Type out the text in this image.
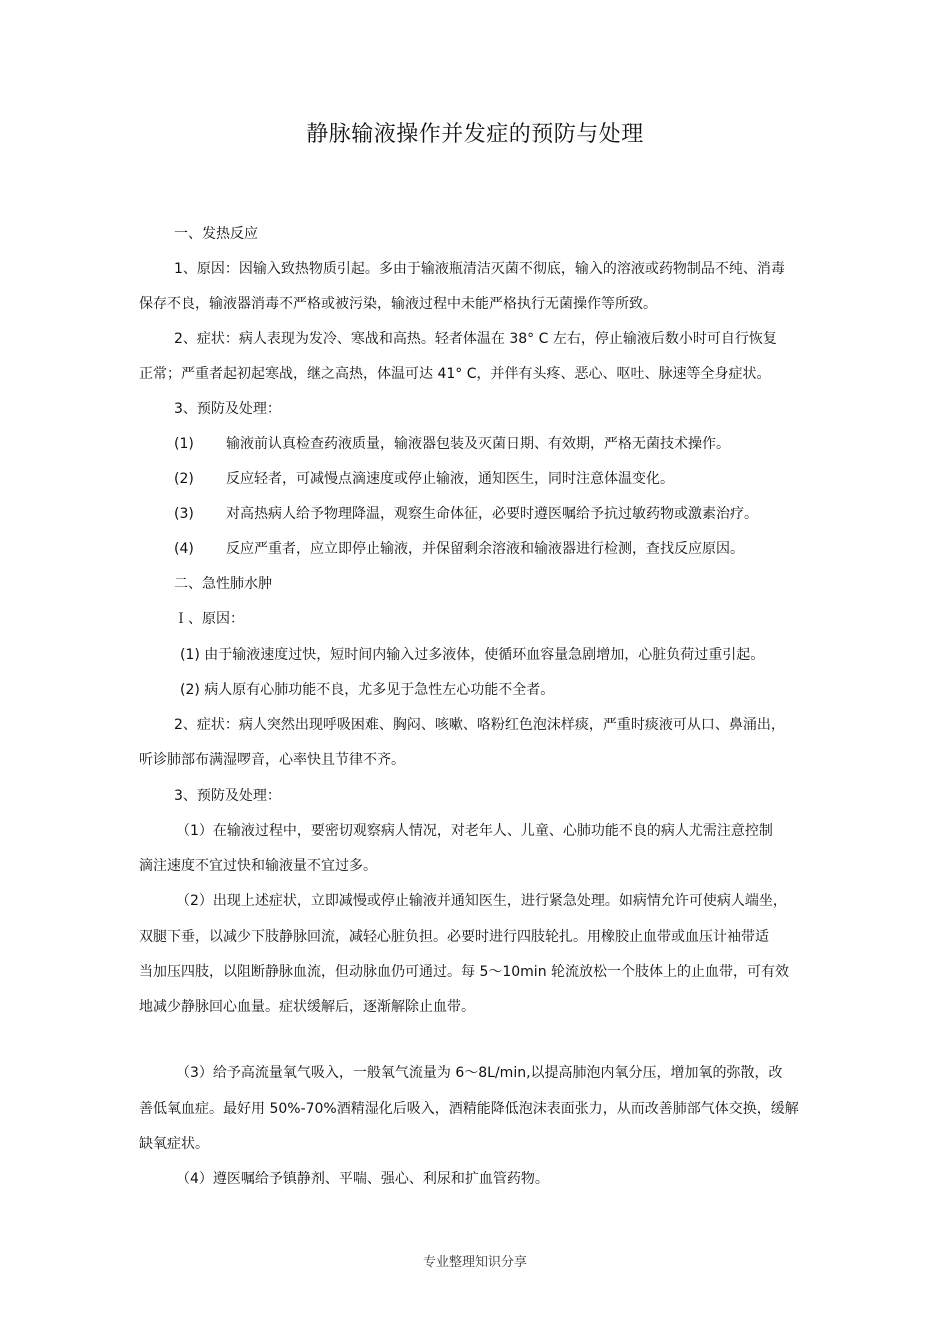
静脉输液操作并发症的预防与处理
一、发热反应
1、原因：因输入致热物质引起。多由于输液瓶清洁灭菌不彻底，输入的溶液或药物制品不纯、消毒
保存不良，输液器消毒不严格或被污染，输液过程中未能严格执行无菌操作等所致。
2、症状：病人表现为发冷、寒战和高热。轻者体温在 38° C 左右，停止输液后数小时可自行恢复
正常；严重者起初起寒战，继之高热，体温可达 41° C，并伴有头疼、恶心、呕吐、脉速等全身症状。
3、预防及处理：
(1) 输液前认真检查药液质量，输液器包装及灭菌日期、有效期，严格无菌技术操作。
(2) 反应轻者，可减慢点滴速度或停止输液，通知医生，同时注意体温变化。
(3) 对高热病人给予物理降温，观察生命体征，必要时遵医嘱给予抗过敏药物或激素治疗。
(4) 反应严重者，应立即停止输液，并保留剩余溶液和输液器进行检测，查找反应原因。
二、急性肺水肿
Ｉ、原因：
(1) 由于输液速度过快，短时间内输入过多液体，使循环血容量急剧增加，心脏负荷过重引起。
(2) 病人原有心肺功能不良，尤多见于急性左心功能不全者。
2、症状：病人突然出现呼吸困难、胸闷、咳嗽、咯粉红色泡沫样痰，严重时痰液可从口、鼻涌出，
听诊肺部布满湿啰音，心率快且节律不齐。
3、预防及处理：
（1）在输液过程中，要密切观察病人情况，对老年人、儿童、心肺功能不良的病人尤需注意控制
滴注速度不宜过快和输液量不宜过多。
（2）出现上述症状，立即减慢或停止输液并通知医生，进行紧急处理。如病情允许可使病人端坐，
双腿下垂，以减少下肢静脉回流，减轻心脏负担。必要时进行四肢轮扎。用橡胶止血带或血压计袖带适
当加压四肢，以阻断静脉血流，但动脉血仍可通过。每 5～10min 轮流放松一个肢体上的止血带，可有效
地减少静脉回心血量。症状缓解后，逐渐解除止血带。
（3）给予高流量氧气吸入，一般氧气流量为 6～8L/min,以提高肺泡内氧分压，增加氧的弥散，改
善低氧血症。最好用 50%-70%酒精湿化后吸入，酒精能降低泡沫表面张力，从而改善肺部气体交换，缓解
缺氧症状。
（4）遵医嘱给予镇静剂、平喘、强心、利尿和扩血管药物。
专业整理知识分享
